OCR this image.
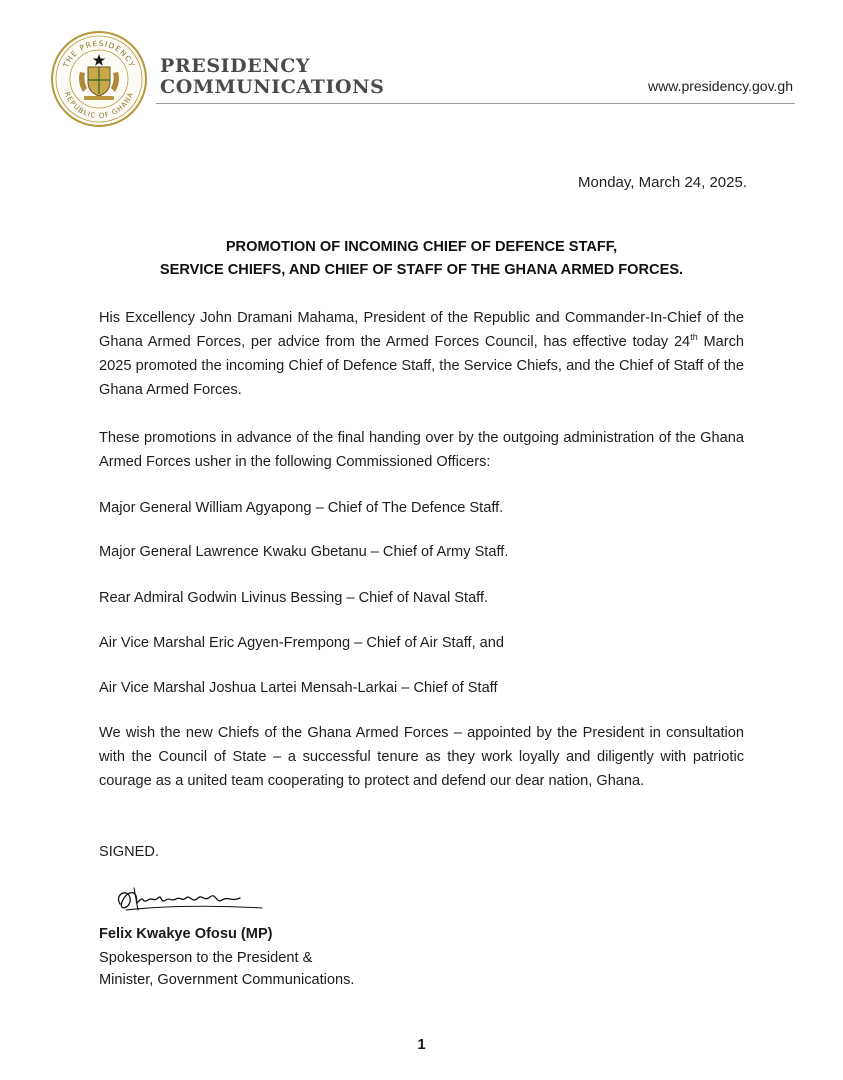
THE PRESIDENCY
REPUBLIC OF GHANA
PRESIDENCY
COMMUNICATIONS	www.presidency.gov.gh
Monday, March 24, 2025.
PROMOTION OF INCOMING CHIEF OF DEFENCE STAFF,
SERVICE CHIEFS, AND CHIEF OF STAFF OF THE GHANA ARMED FORCES.

His Excellency John Dramani Mahama, President of the Republic and Commander-In-Chief of the Ghana Armed Forces, per advice from the Armed Forces Council, has effective today 24th March 2025 promoted the incoming Chief of Defence Staff, the Service Chiefs, and the Chief of Staff of the Ghana Armed Forces.

These promotions in advance of the final handing over by the outgoing administration of the Ghana Armed Forces usher in the following Commissioned Officers:

Major General William Agyapong – Chief of The Defence Staff.

Major General Lawrence Kwaku Gbetanu – Chief of Army Staff.

Rear Admiral Godwin Livinus Bessing – Chief of Naval Staff.

Air Vice Marshal Eric Agyen-Frempong – Chief of Air Staff, and

Air Vice Marshal Joshua Lartei Mensah-Larkai – Chief of Staff

We wish the new Chiefs of the Ghana Armed Forces – appointed by the President in consultation with the Council of State – a successful tenure as they work loyally and diligently with patriotic courage as a united team cooperating to protect and defend our dear nation, Ghana.

SIGNED.

Felix Kwakye Ofosu (MP)
Spokesperson to the President &
Minister, Government Communications.
1
